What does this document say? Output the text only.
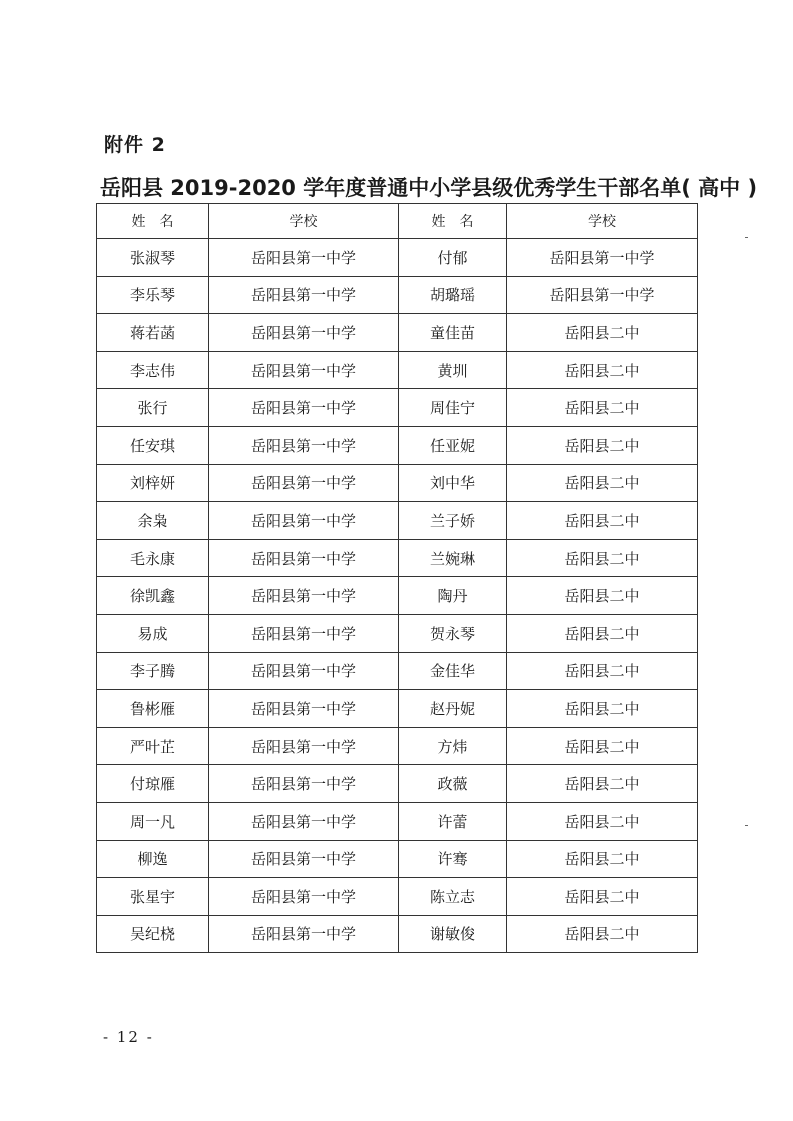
附件 2
岳阳县 2019-2020 学年度普通中小学县级优秀学生干部名单( 高中 )
姓　名	学校	姓　名	学校
张淑琴	岳阳县第一中学	付郁	岳阳县第一中学
李乐琴	岳阳县第一中学	胡璐瑶	岳阳县第一中学
蒋若菡	岳阳县第一中学	童佳苗	岳阳县二中
李志伟	岳阳县第一中学	黄圳	岳阳县二中
张行	岳阳县第一中学	周佳宁	岳阳县二中
任安琪	岳阳县第一中学	任亚妮	岳阳县二中
刘梓妍	岳阳县第一中学	刘中华	岳阳县二中
余枭	岳阳县第一中学	兰子娇	岳阳县二中
毛永康	岳阳县第一中学	兰婉琳	岳阳县二中
徐凯鑫	岳阳县第一中学	陶丹	岳阳县二中
易成	岳阳县第一中学	贺永琴	岳阳县二中
李子腾	岳阳县第一中学	金佳华	岳阳县二中
鲁彬雁	岳阳县第一中学	赵丹妮	岳阳县二中
严叶芷	岳阳县第一中学	方炜	岳阳县二中
付琼雁	岳阳县第一中学	政薇	岳阳县二中
周一凡	岳阳县第一中学	许蕾	岳阳县二中
柳逸	岳阳县第一中学	许骞	岳阳县二中
张星宇	岳阳县第一中学	陈立志	岳阳县二中
吴纪桡	岳阳县第一中学	谢敏俊	岳阳县二中
- 12 -
